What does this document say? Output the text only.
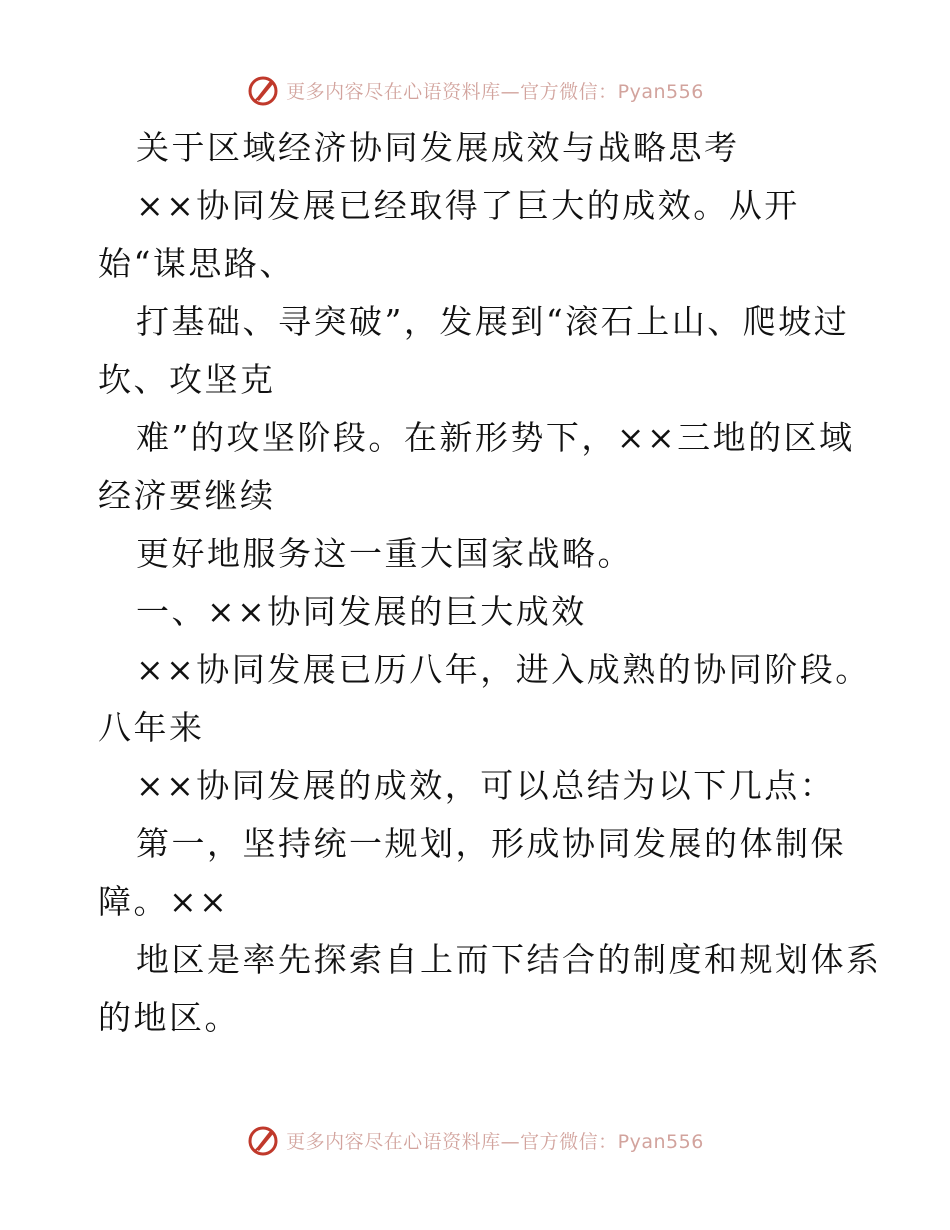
更多内容尽在心语资料库—官方微信：Pyan556
关于区域经济协同发展成效与战略思考
××协同发展已经取得了巨大的成效。从开
始“谋思路、
打基础、寻突破”，发展到“滚石上山、爬坡过
坎、攻坚克
难”的攻坚阶段。在新形势下，××三地的区域
经济要继续
更好地服务这一重大国家战略。
一、××协同发展的巨大成效
××协同发展已历八年，进入成熟的协同阶段。
八年来
××协同发展的成效，可以总结为以下几点：
第一，坚持统一规划，形成协同发展的体制保
障。××
地区是率先探索自上而下结合的制度和规划体系
的地区。
更多内容尽在心语资料库—官方微信：Pyan556
